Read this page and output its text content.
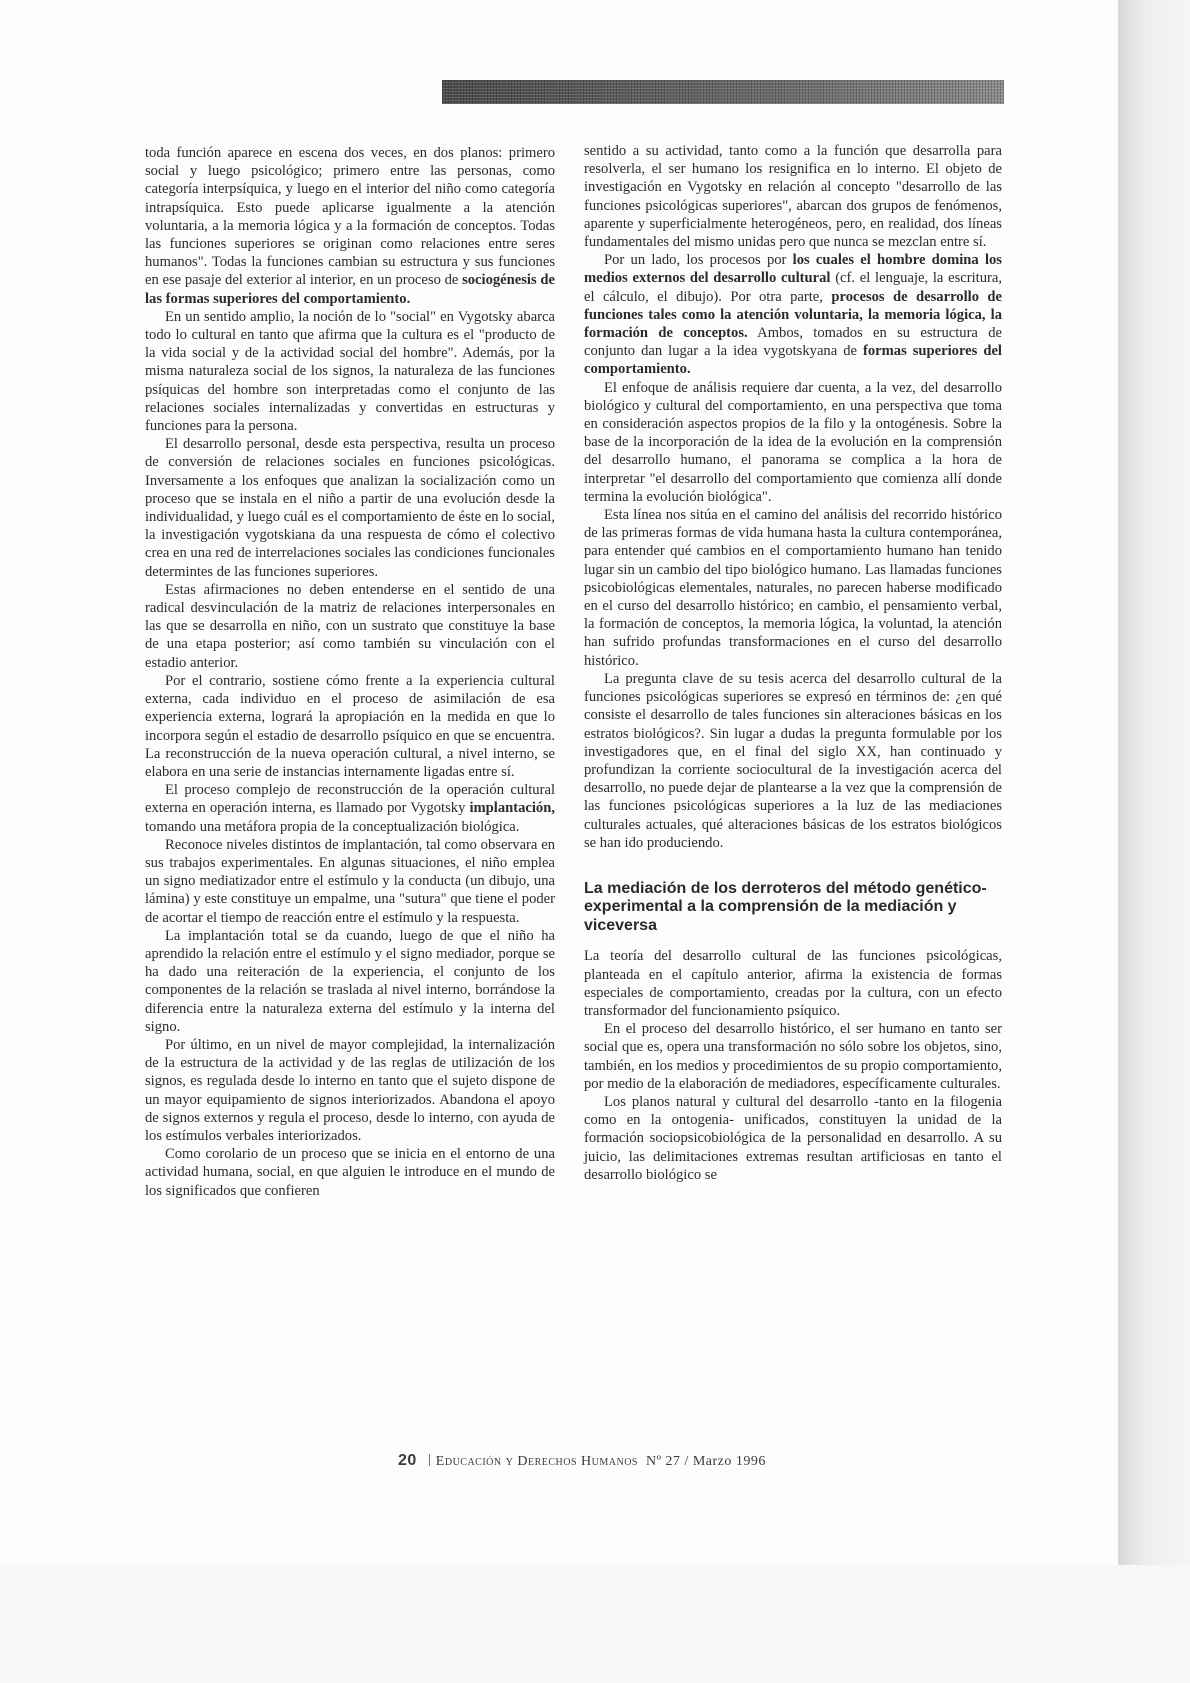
toda función aparece en escena dos veces, en dos planos: primero social y luego psicológico; primero entre las personas, como categoría interpsíquica, y luego en el interior del niño como categoría intrapsíquica. Esto puede aplicarse igualmente a la atención voluntaria, a la memoria lógica y a la formación de conceptos. Todas las funciones superiores se originan como relaciones entre seres humanos". Todas la funciones cambian su estructura y sus funciones en ese pasaje del exterior al interior, en un proceso de sociogénesis de las formas superiores del comportamiento.

En un sentido amplio, la noción de lo "social" en Vygotsky abarca todo lo cultural en tanto que afirma que la cultura es el "producto de la vida social y de la actividad social del hombre". Además, por la misma naturaleza social de los signos, la naturaleza de las funciones psíquicas del hombre son interpretadas como el conjunto de las relaciones sociales internalizadas y convertidas en estructuras y funciones para la persona.

El desarrollo personal, desde esta perspectiva, resulta un proceso de conversión de relaciones sociales en funciones psicológicas. Inversamente a los enfoques que analizan la socialización como un proceso que se instala en el niño a partir de una evolución desde la individualidad, y luego cuál es el comportamiento de éste en lo social, la investigación vygotskiana da una respuesta de cómo el colectivo crea en una red de interrelaciones sociales las condiciones funcionales determintes de las funciones superiores.

Estas afirmaciones no deben entenderse en el sentido de una radical desvinculación de la matriz de relaciones interpersonales en las que se desarrolla en niño, con un sustrato que constituye la base de una etapa posterior; así como también su vinculación con el estadio anterior.

Por el contrario, sostiene cómo frente a la experiencia cultural externa, cada individuo en el proceso de asimilación de esa experiencia externa, logrará la apropiación en la medida en que lo incorpora según el estadio de desarrollo psíquico en que se encuentra. La reconstrucción de la nueva operación cultural, a nivel interno, se elabora en una serie de instancias internamente ligadas entre sí.

El proceso complejo de reconstrucción de la operación cultural externa en operación interna, es llamado por Vygotsky implantación, tomando una metáfora propia de la conceptualización biológica.

Reconoce niveles distintos de implantación, tal como observara en sus trabajos experimentales. En algunas situaciones, el niño emplea un signo mediatizador entre el estímulo y la conducta (un dibujo, una lámina) y este constituye un empalme, una "sutura" que tiene el poder de acortar el tiempo de reacción entre el estímulo y la respuesta.

La implantación total se da cuando, luego de que el niño ha aprendido la relación entre el estímulo y el signo mediador, porque se ha dado una reiteración de la experiencia, el conjunto de los componentes de la relación se traslada al nivel interno, borrándose la diferencia entre la naturaleza externa del estímulo y la interna del signo.

Por último, en un nivel de mayor complejidad, la internalización de la estructura de la actividad y de las reglas de utilización de los signos, es regulada desde lo interno en tanto que el sujeto dispone de un mayor equipamiento de signos interiorizados. Abandona el apoyo de signos externos y regula el proceso, desde lo interno, con ayuda de los estímulos verbales interiorizados.

Como corolario de un proceso que se inicia en el entorno de una actividad humana, social, en que alguien le introduce en el mundo de los significados que confieren

sentido a su actividad, tanto como a la función que desarrolla para resolverla, el ser humano los resignifica en lo interno. El objeto de investigación en Vygotsky en relación al concepto "desarrollo de las funciones psicológicas superiores", abarcan dos grupos de fenómenos, aparente y superficialmente heterogéneos, pero, en realidad, dos líneas fundamentales del mismo unidas pero que nunca se mezclan entre sí.

Por un lado, los procesos por los cuales el hombre domina los medios externos del desarrollo cultural (cf. el lenguaje, la escritura, el cálculo, el dibujo). Por otra parte, procesos de desarrollo de funciones tales como la atención voluntaria, la memoria lógica, la formación de conceptos. Ambos, tomados en su estructura de conjunto dan lugar a la idea vygotskyana de formas superiores del comportamiento.

El enfoque de análisis requiere dar cuenta, a la vez, del desarrollo biológico y cultural del comportamiento, en una perspectiva que toma en consideración aspectos propios de la filo y la ontogénesis. Sobre la base de la incorporación de la idea de la evolución en la comprensión del desarrollo humano, el panorama se complica a la hora de interpretar "el desarrollo del comportamiento que comienza allí donde termina la evolución biológica".

Esta línea nos sitúa en el camino del análisis del recorrido histórico de las primeras formas de vida humana hasta la cultura contemporánea, para entender qué cambios en el comportamiento humano han tenido lugar sin un cambio del tipo biológico humano. Las llamadas funciones psicobiológicas elementales, naturales, no parecen haberse modificado en el curso del desarrollo histórico; en cambio, el pensamiento verbal, la formación de conceptos, la memoria lógica, la voluntad, la atención han sufrido profundas transformaciones en el curso del desarrollo histórico.

La pregunta clave de su tesis acerca del desarrollo cultural de la funciones psicológicas superiores se expresó en términos de: ¿en qué consiste el desarrollo de tales funciones sin alteraciones básicas en los estratos biológicos?. Sin lugar a dudas la pregunta formulable por los investigadores que, en el final del siglo XX, han continuado y profundizan la corriente sociocultural de la investigación acerca del desarrollo, no puede dejar de plantearse a la vez que la comprensión de las funciones psicológicas superiores a la luz de las mediaciones culturales actuales, qué alteraciones básicas de los estratos biológicos se han ido produciendo.

La mediación de los derroteros del método genético-experimental a la comprensión de la mediación y viceversa

La teoría del desarrollo cultural de las funciones psicológicas, planteada en el capítulo anterior, afirma la existencia de formas especiales de comportamiento, creadas por la cultura, con un efecto transformador del funcionamiento psíquico.

En el proceso del desarrollo histórico, el ser humano en tanto ser social que es, opera una transformación no sólo sobre los objetos, sino, también, en los medios y procedimientos de su propio comportamiento, por medio de la elaboración de mediadores, específicamente culturales.

Los planos natural y cultural del desarrollo -tanto en la filogenia como en la ontogenia- unificados, constituyen la unidad de la formación sociopsicobiológica de la personalidad en desarrollo. A su juicio, las delimitaciones extremas resultan artificiosas en tanto el desarrollo biológico se

20 Educación y Derechos Humanos Nº 27 / Marzo 1996
